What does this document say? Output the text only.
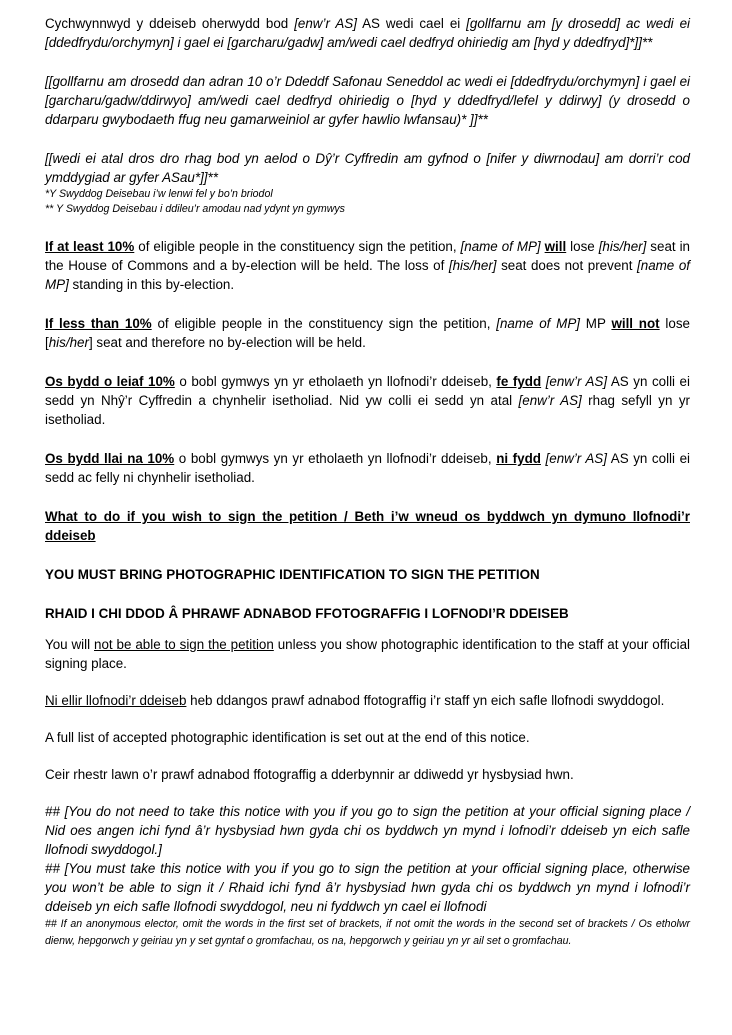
Cychwynnwyd y ddeiseb oherwydd bod [enw’r AS] AS wedi cael ei [gollfarnu am [y drosedd] ac wedi ei [ddedfrydu/orchymyn] i gael ei [garcharu/gadw] am/wedi cael dedfryd ohiriedig am [hyd y ddedfryd]*]]**

[[gollfarnu am drosedd dan adran 10 o’r Ddeddf Safonau Seneddol ac wedi ei [ddedfrydu/orchymyn] i gael ei [garcharu/gadw/ddirwyo] am/wedi cael dedfryd ohiriedig o [hyd y ddedfryd/lefel y ddirwy] (y drosedd o ddarparu gwybodaeth ffug neu gamarweiniol ar gyfer hawlio lwfansau)* ]]**

[[wedi ei atal dros dro rhag bod yn aelod o Dŷ’r Cyffredin am gyfnod o [nifer y diwrnodau] am dorri’r cod ymddygiad ar gyfer ASau*]]**

*Y Swyddog Deisebau i’w lenwi fel y bo’n briodol

** Y Swyddog Deisebau i ddileu’r amodau nad ydynt yn gymwys

If at least 10% of eligible people in the constituency sign the petition, [name of MP] will lose [his/her] seat in the House of Commons and a by-election will be held. The loss of [his/her] seat does not prevent [name of MP] standing in this by-election.

If less than 10% of eligible people in the constituency sign the petition, [name of MP] MP will not lose [his/her] seat and therefore no by-election will be held.

Os bydd o leiaf 10% o bobl gymwys yn yr etholaeth yn llofnodi’r ddeiseb, fe fydd [enw’r AS] AS yn colli ei sedd yn Nhŷ’r Cyffredin a chynhelir isetholiad. Nid yw colli ei sedd yn atal [enw’r AS] rhag sefyll yn yr isetholiad.

Os bydd llai na 10% o bobl gymwys yn yr etholaeth yn llofnodi’r ddeiseb, ni fydd [enw’r AS] AS yn colli ei sedd ac felly ni chynhelir isetholiad.

What to do if you wish to sign the petition / Beth i’w wneud os byddwch yn dymuno llofnodi’r ddeiseb

YOU MUST BRING PHOTOGRAPHIC IDENTIFICATION TO SIGN THE PETITION

RHAID I CHI DDOD Â PHRAWF ADNABOD FFOTOGRAFFIG I LOFNODI’R DDEISEB

You will not be able to sign the petition unless you show photographic identification to the staff at your official signing place.

Ni ellir llofnodi’r ddeiseb heb ddangos prawf adnabod ffotograffig i’r staff yn eich safle llofnodi swyddogol.

A full list of accepted photographic identification is set out at the end of this notice.

Ceir rhestr lawn o’r prawf adnabod ffotograffig a dderbynnir ar ddiwedd yr hysbysiad hwn.

## [You do not need to take this notice with you if you go to sign the petition at your official signing place / Nid oes angen ichi fynd â’r hysbysiad hwn gyda chi os byddwch yn mynd i lofnodi’r ddeiseb yn eich safle llofnodi swyddogol.]

## [You must take this notice with you if you go to sign the petition at your official signing place, otherwise you won’t be able to sign it / Rhaid ichi fynd â’r hysbysiad hwn gyda chi os byddwch yn mynd i lofnodi’r ddeiseb yn eich safle llofnodi swyddogol, neu ni fyddwch yn cael ei llofnodi

## If an anonymous elector, omit the words in the first set of brackets, if not omit the words in the second set of brackets / Os etholwr dienw, hepgorwch y geiriau yn y set gyntaf o gromfachau, os na, hepgorwch y geiriau yn yr ail set o gromfachau.
